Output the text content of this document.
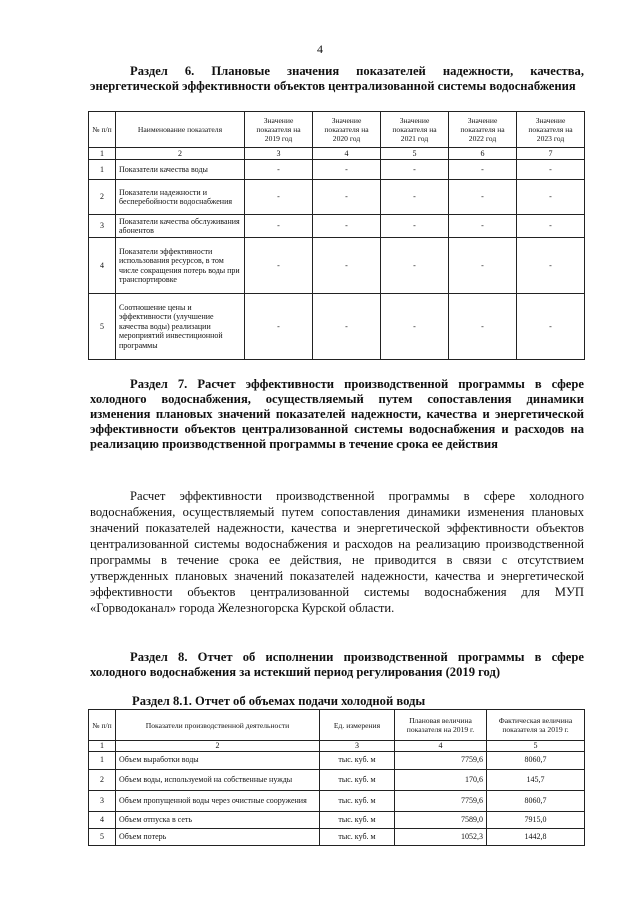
4
Раздел 6. Плановые значения показателей надежности, качества, энергетической эффективности объектов централизованной системы водоснабжения
№ п/п	Наименование показателя	Значение показателя на 2019 год	Значение показателя на 2020 год	Значение показателя на 2021 год	Значение показателя на 2022 год	Значение показателя на 2023 год
1	2	3	4	5	6	7
1	Показатели качества воды	-	-	-	-	-
2	Показатели надежности и бесперебойности водоснабжения	-	-	-	-	-
3	Показатели качества обслуживания абонентов	-	-	-	-	-
4	Показатели эффективности использования ресурсов, в том числе сокращения потерь воды при транспортировке	-	-	-	-	-
5	Соотношение цены и эффективности (улучшение качества воды) реализации мероприятий инвестиционной программы	-	-	-	-	-
Раздел 7. Расчет эффективности производственной программы в сфере холодного водоснабжения, осуществляемый путем сопоставления динамики изменения плановых значений показателей надежности, качества и энергетической эффективности объектов централизованной системы водоснабжения и расходов на реализацию производственной программы в течение срока ее действия
Расчет эффективности производственной программы в сфере холодного водоснабжения, осуществляемый путем сопоставления динамики изменения плановых значений показателей надежности, качества и энергетической эффективности объектов централизованной системы водоснабжения и расходов на реализацию производственной программы в течение срока ее действия, не приводится в связи с отсутствием утвержденных плановых значений показателей надежности, качества и энергетической эффективности объектов централизованной системы водоснабжения для МУП «Горводоканал» города Железногорска Курской области.
Раздел 8. Отчет об исполнении производственной программы в сфере холодного водоснабжения за истекший период регулирования (2019 год)
Раздел 8.1. Отчет об объемах подачи холодной воды
№ п/п	Показатели производственной деятельности	Ед. измерения	Плановая величина показателя на 2019 г.	Фактическая величина показателя за 2019 г.
1	2	3	4	5
1	Объем выработки воды	тыс. куб. м	7759,6	8060,7
2	Объем воды, используемой на собственные нужды	тыс. куб. м	170,6	145,7
3	Объем пропущенной воды через очистные сооружения	тыс. куб. м	7759,6	8060,7
4	Объем отпуска в сеть	тыс. куб. м	7589,0	7915,0
5	Объем потерь	тыс. куб. м	1052,3	1442,8
